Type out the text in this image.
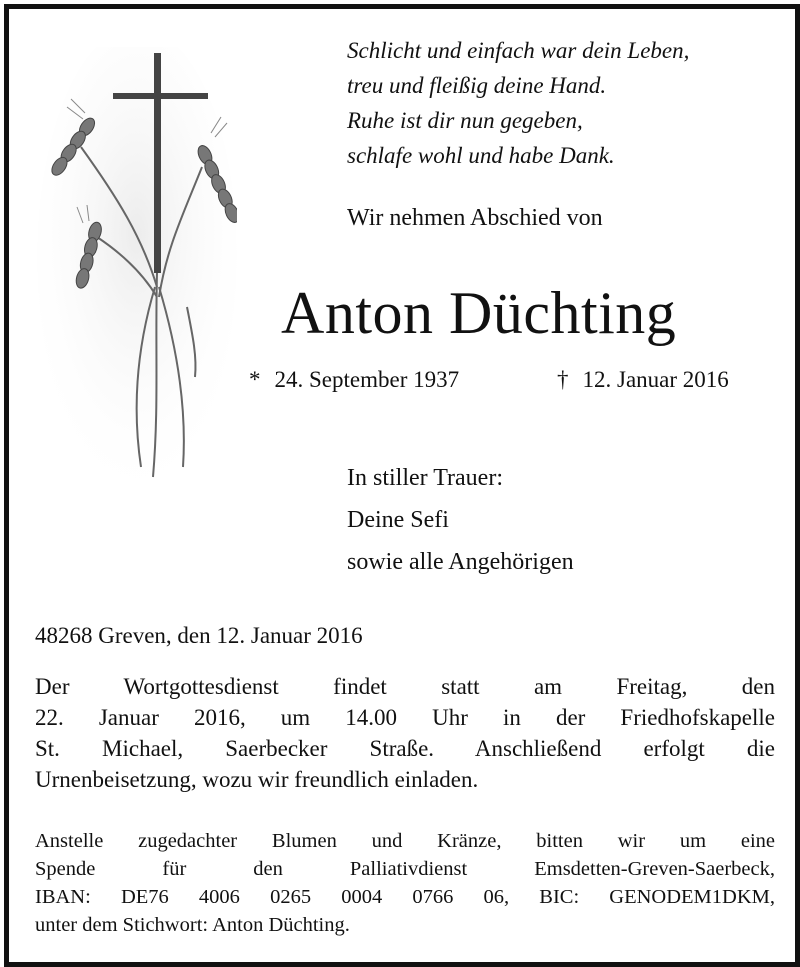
Schlicht und einfach war dein Leben,
treu und fleißig deine Hand.
Ruhe ist dir nun gegeben,
schlafe wohl und habe Dank.
Wir nehmen Abschied von
Anton Düchting
* 24. September 1937	† 12. Januar 2016
In stiller Trauer:
Deine Sefi
sowie alle Angehörigen
48268 Greven, den 12. Januar 2016
Der Wortgottesdienst findet statt am Freitag, den
22. Januar 2016, um 14.00 Uhr in der Friedhofskapelle
St. Michael, Saerbecker Straße. Anschließend erfolgt die
Urnenbeisetzung, wozu wir freundlich einladen.
Anstelle zugedachter Blumen und Kränze, bitten wir um eine
Spende für den Palliativdienst Emsdetten-Greven-Saerbeck,
IBAN: DE76 4006 0265 0004 0766 06, BIC: GENODEM1DKM,
unter dem Stichwort: Anton Düchting.
